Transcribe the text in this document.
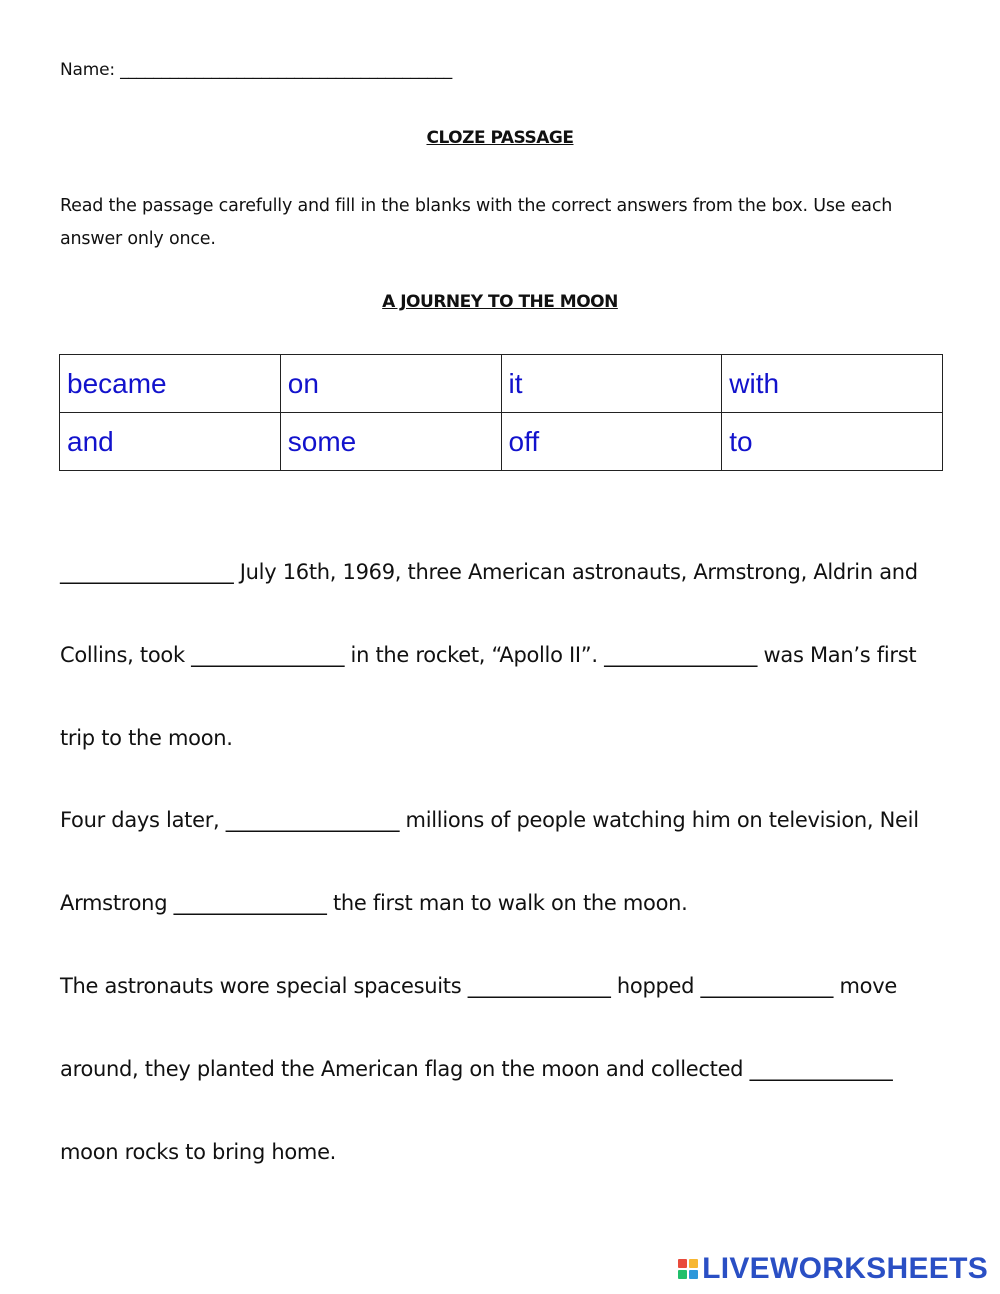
Name: ________________________________________
CLOZE PASSAGE
Read the passage carefully and fill in the blanks with the correct answers from the box. Use each answer only once.
A JOURNEY TO THE MOON
became	on	it	with
and	some	off	to
_________________ July 16th, 1969, three American astronauts, Armstrong, Aldrin and
Collins, took _______________ in the rocket, “Apollo II”. _______________ was Man’s first
trip to the moon.
Four days later, _________________ millions of people watching him on television, Neil
Armstrong _______________ the first man to walk on the moon.
The astronauts wore special spacesuits ______________ hopped _____________ move
around, they planted the American flag on the moon and collected ______________
moon rocks to bring home.
LIVEWORKSHEETS
